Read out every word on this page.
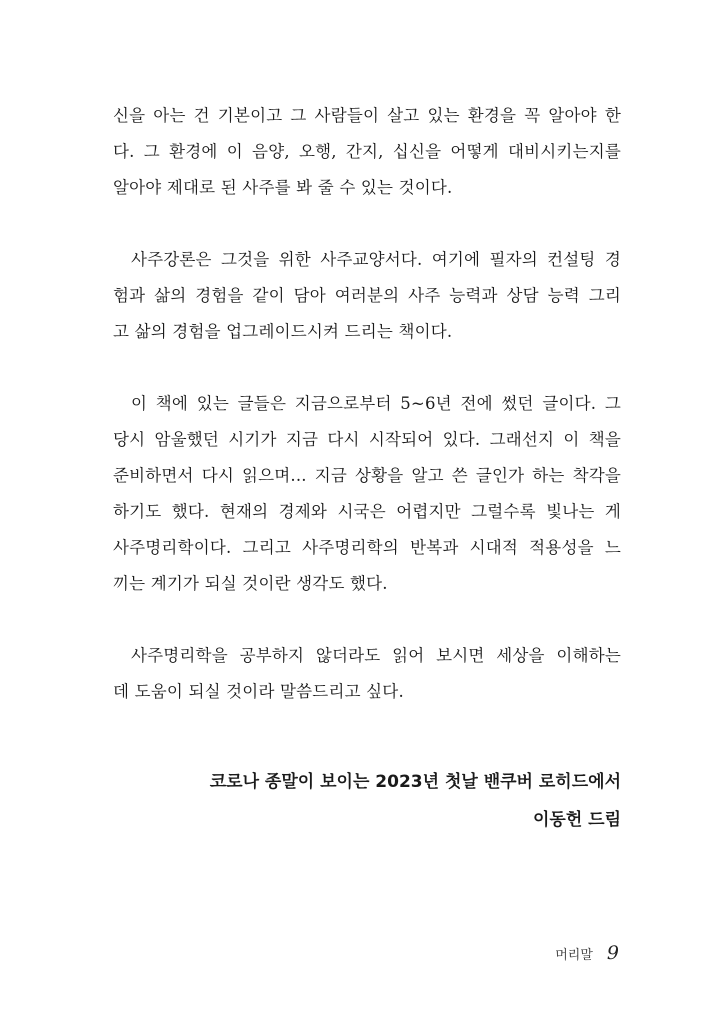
신을 아는 건 기본이고 그 사람들이 살고 있는 환경을 꼭 알아야 한
다. 그 환경에 이 음양, 오행, 간지, 십신을 어떻게 대비시키는지를
알아야 제대로 된 사주를 봐 줄 수 있는 것이다.
사주강론은 그것을 위한 사주교양서다. 여기에 필자의 컨설팅 경
험과 삶의 경험을 같이 담아 여러분의 사주 능력과 상담 능력 그리
고 삶의 경험을 업그레이드시켜 드리는 책이다.
이 책에 있는 글들은 지금으로부터 5~6년 전에 썼던 글이다. 그
당시 암울했던 시기가 지금 다시 시작되어 있다. 그래선지 이 책을
준비하면서 다시 읽으며... 지금 상황을 알고 쓴 글인가 하는 착각을
하기도 했다. 현재의 경제와 시국은 어렵지만 그럴수록 빛나는 게
사주명리학이다. 그리고 사주명리학의 반복과 시대적 적용성을 느
끼는 계기가 되실 것이란 생각도 했다.
사주명리학을 공부하지 않더라도 읽어 보시면 세상을 이해하는
데 도움이 되실 것이라 말씀드리고 싶다.
코로나 종말이 보이는 2023년 첫날 밴쿠버 로히드에서
이동헌 드림
머리말 9
